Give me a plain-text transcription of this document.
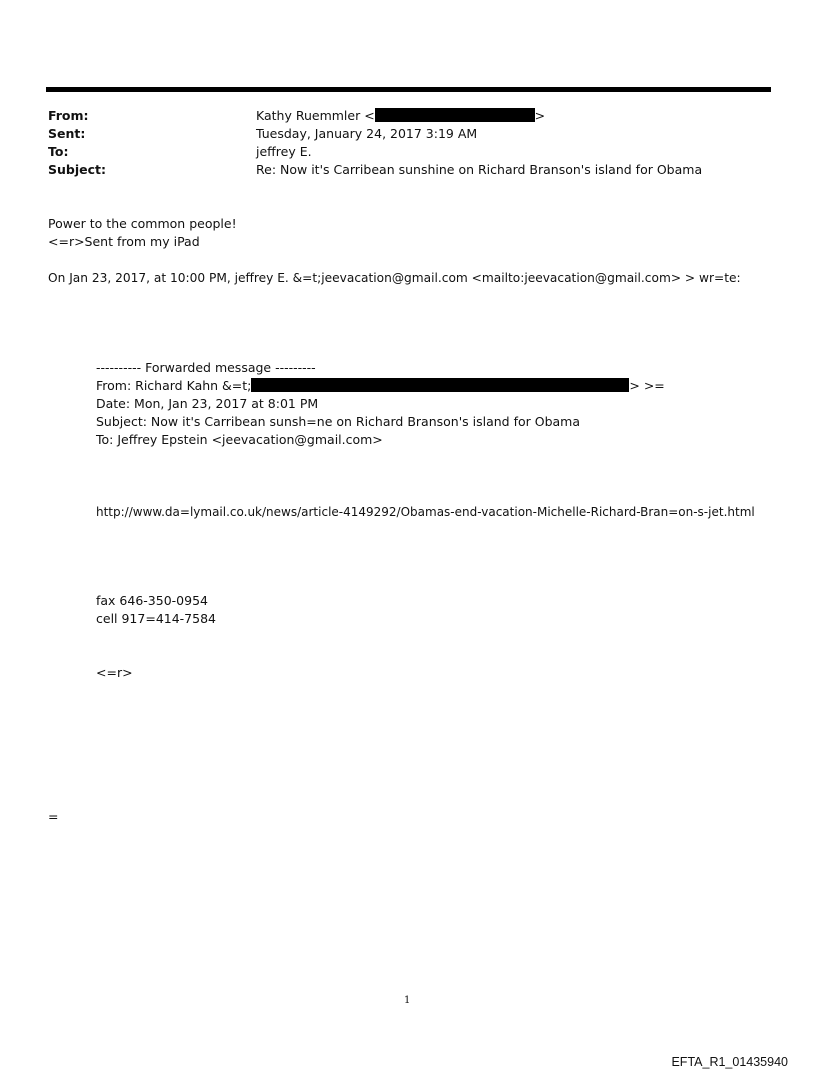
From:	Kathy Ruemmler <	>
Sent:	Tuesday, January 24, 2017 3:19 AM
To:	jeffrey E.
Subject:	Re: Now it's Carribean sunshine on Richard Branson's island for Obama
Power to the common people!
<=r>Sent from my iPad
On Jan 23, 2017, at 10:00 PM, jeffrey E. &=t;jeevacation@gmail.com <mailto:jeevacation@gmail.com> > wr=te:
---------- Forwarded message ---------
From: Richard Kahn &=t;	> >=
Date: Mon, Jan 23, 2017 at 8:01 PM
Subject: Now it's Carribean sunsh=ne on Richard Branson's island for Obama
To: Jeffrey Epstein <jeevacation@gmail.com>
http://www.da=lymail.co.uk/news/article-4149292/Obamas-end-vacation-Michelle-Richard-Bran=on-s-jet.html
fax 646-350-0954
cell 917=414-7584
<=r>
=
1
EFTA_R1_01435940
